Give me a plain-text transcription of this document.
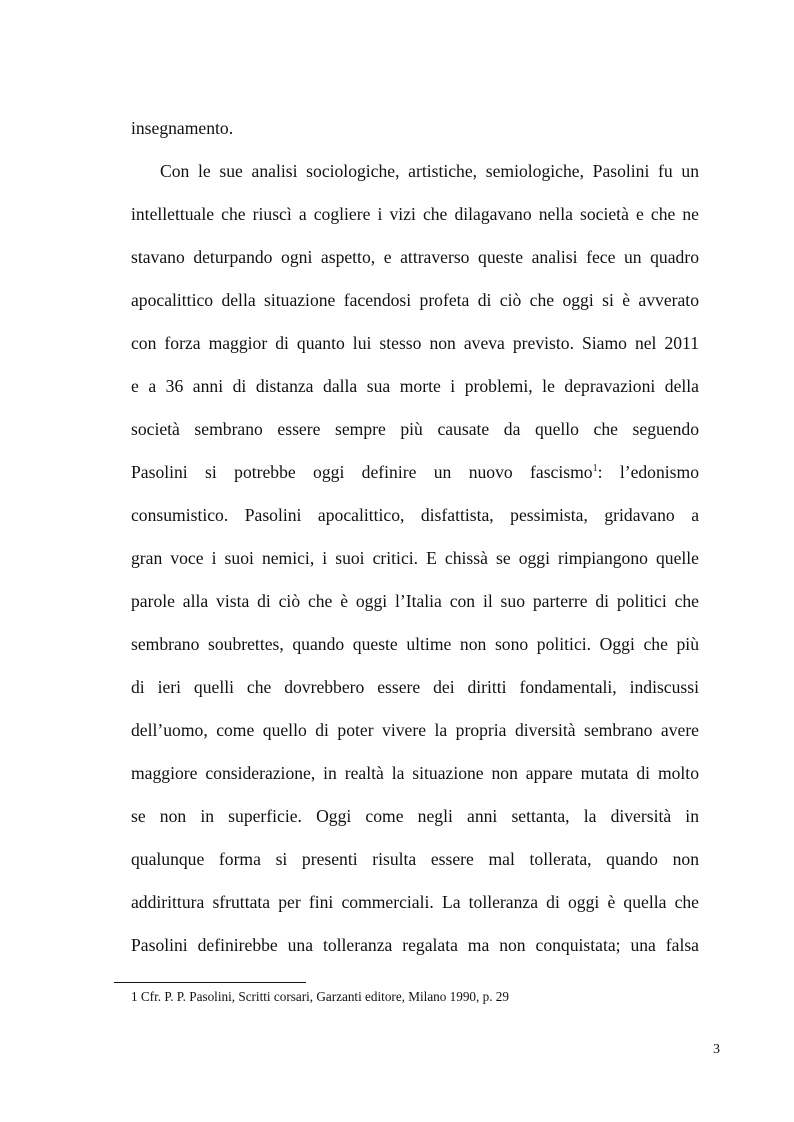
insegnamento.
Con le sue analisi sociologiche, artistiche, semiologiche, Pasolini fu un
intellettuale che riuscì a cogliere i vizi che dilagavano nella società e che ne
stavano deturpando ogni aspetto, e attraverso queste analisi fece un quadro
apocalittico della situazione facendosi profeta di ciò che oggi si è avverato
con forza maggior di quanto lui stesso non aveva previsto. Siamo nel 2011
e a 36 anni di distanza dalla sua morte i problemi, le depravazioni della
società sembrano essere sempre più causate da quello che seguendo
Pasolini si potrebbe oggi definire un nuovo fascismo$^1$: l’edonismo
consumistico. Pasolini apocalittico, disfattista, pessimista, gridavano a
gran voce i suoi nemici, i suoi critici. E chissà se oggi rimpiangono quelle
parole alla vista di ciò che è oggi l’Italia con il suo parterre di politici che
sembrano soubrettes, quando queste ultime non sono politici. Oggi che più
di ieri quelli che dovrebbero essere dei diritti fondamentali, indiscussi
dell’uomo, come quello di poter vivere la propria diversità sembrano avere
maggiore considerazione, in realtà la situazione non appare mutata di molto
se non in superficie. Oggi come negli anni settanta, la diversità in
qualunque forma si presenti risulta essere mal tollerata, quando non
addirittura sfruttata per fini commerciali. La tolleranza di oggi è quella che
Pasolini definirebbe una tolleranza regalata ma non conquistata; una falsa
1 Cfr. P. P. Pasolini, Scritti corsari, Garzanti editore, Milano 1990, p. 29
3
